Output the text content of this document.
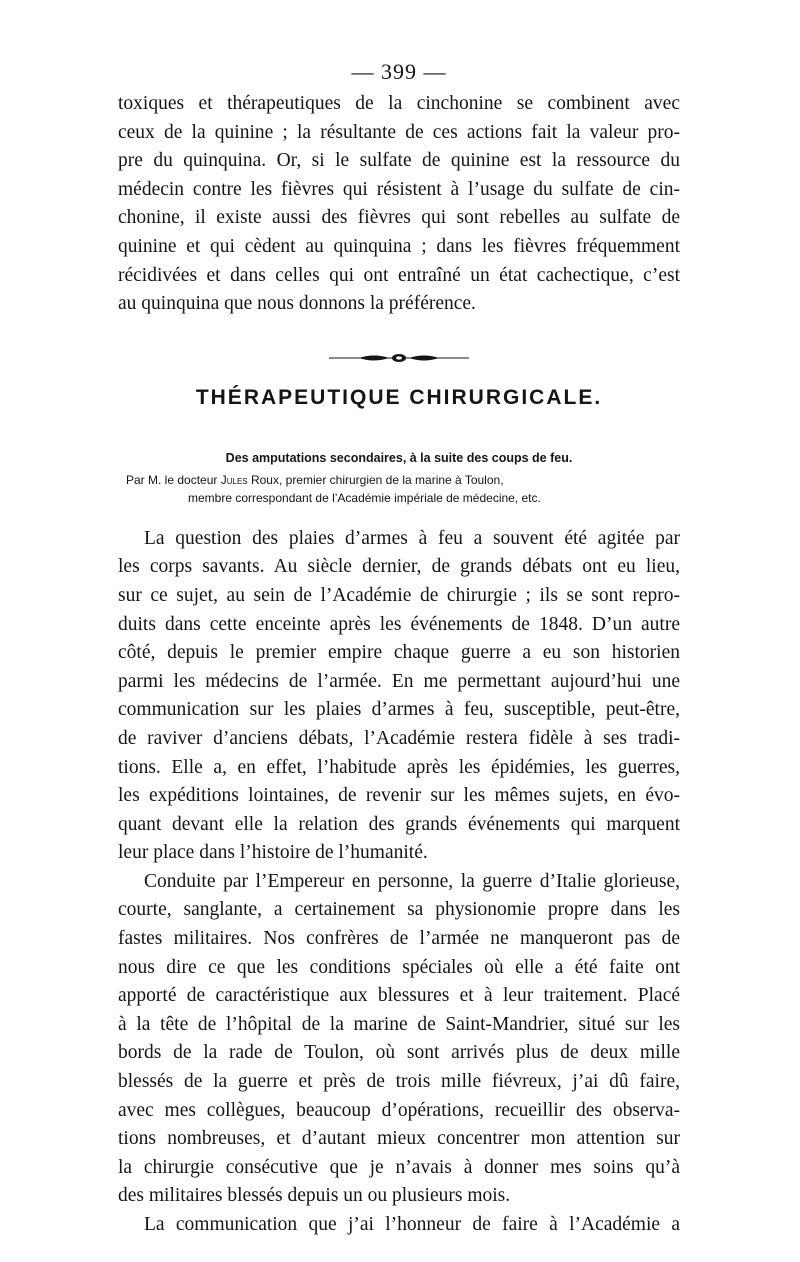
— 399 —
toxiques et thérapeutiques de la cinchonine se combinent avec
ceux de la quinine ; la résultante de ces actions fait la valeur pro-
pre du quinquina. Or, si le sulfate de quinine est la ressource du
médecin contre les fièvres qui résistent à l’usage du sulfate de cin-
chonine, il existe aussi des fièvres qui sont rebelles au sulfate de
quinine et qui cèdent au quinquina ; dans les fièvres fréquemment
récidivées et dans celles qui ont entraîné un état cachectique, c’est
au quinquina que nous donnons la préférence.
THÉRAPEUTIQUE CHIRURGICALE.
Des amputations secondaires, à la suite des coups de feu.
Par M. le docteur Jules Roux, premier chirurgien de la marine à Toulon,
membre correspondant de l’Académie impériale de médecine, etc.
La question des plaies d’armes à feu a souvent été agitée par
les corps savants. Au siècle dernier, de grands débats ont eu lieu,
sur ce sujet, au sein de l’Académie de chirurgie ; ils se sont repro-
duits dans cette enceinte après les événements de 1848. D’un autre
côté, depuis le premier empire chaque guerre a eu son historien
parmi les médecins de l’armée. En me permettant aujourd’hui une
communication sur les plaies d’armes à feu, susceptible, peut-être,
de raviver d’anciens débats, l’Académie restera fidèle à ses tradi-
tions. Elle a, en effet, l’habitude après les épidémies, les guerres,
les expéditions lointaines, de revenir sur les mêmes sujets, en évo-
quant devant elle la relation des grands événements qui marquent
leur place dans l’histoire de l’humanité.
Conduite par l’Empereur en personne, la guerre d’Italie glorieuse,
courte, sanglante, a certainement sa physionomie propre dans les
fastes militaires. Nos confrères de l’armée ne manqueront pas de
nous dire ce que les conditions spéciales où elle a été faite ont
apporté de caractéristique aux blessures et à leur traitement. Placé
à la tête de l’hôpital de la marine de Saint-Mandrier, situé sur les
bords de la rade de Toulon, où sont arrivés plus de deux mille
blessés de la guerre et près de trois mille fiévreux, j’ai dû faire,
avec mes collègues, beaucoup d’opérations, recueillir des observa-
tions nombreuses, et d’autant mieux concentrer mon attention sur
la chirurgie consécutive que je n’avais à donner mes soins qu’à
des militaires blessés depuis un ou plusieurs mois.
La communication que j’ai l’honneur de faire à l’Académie a
